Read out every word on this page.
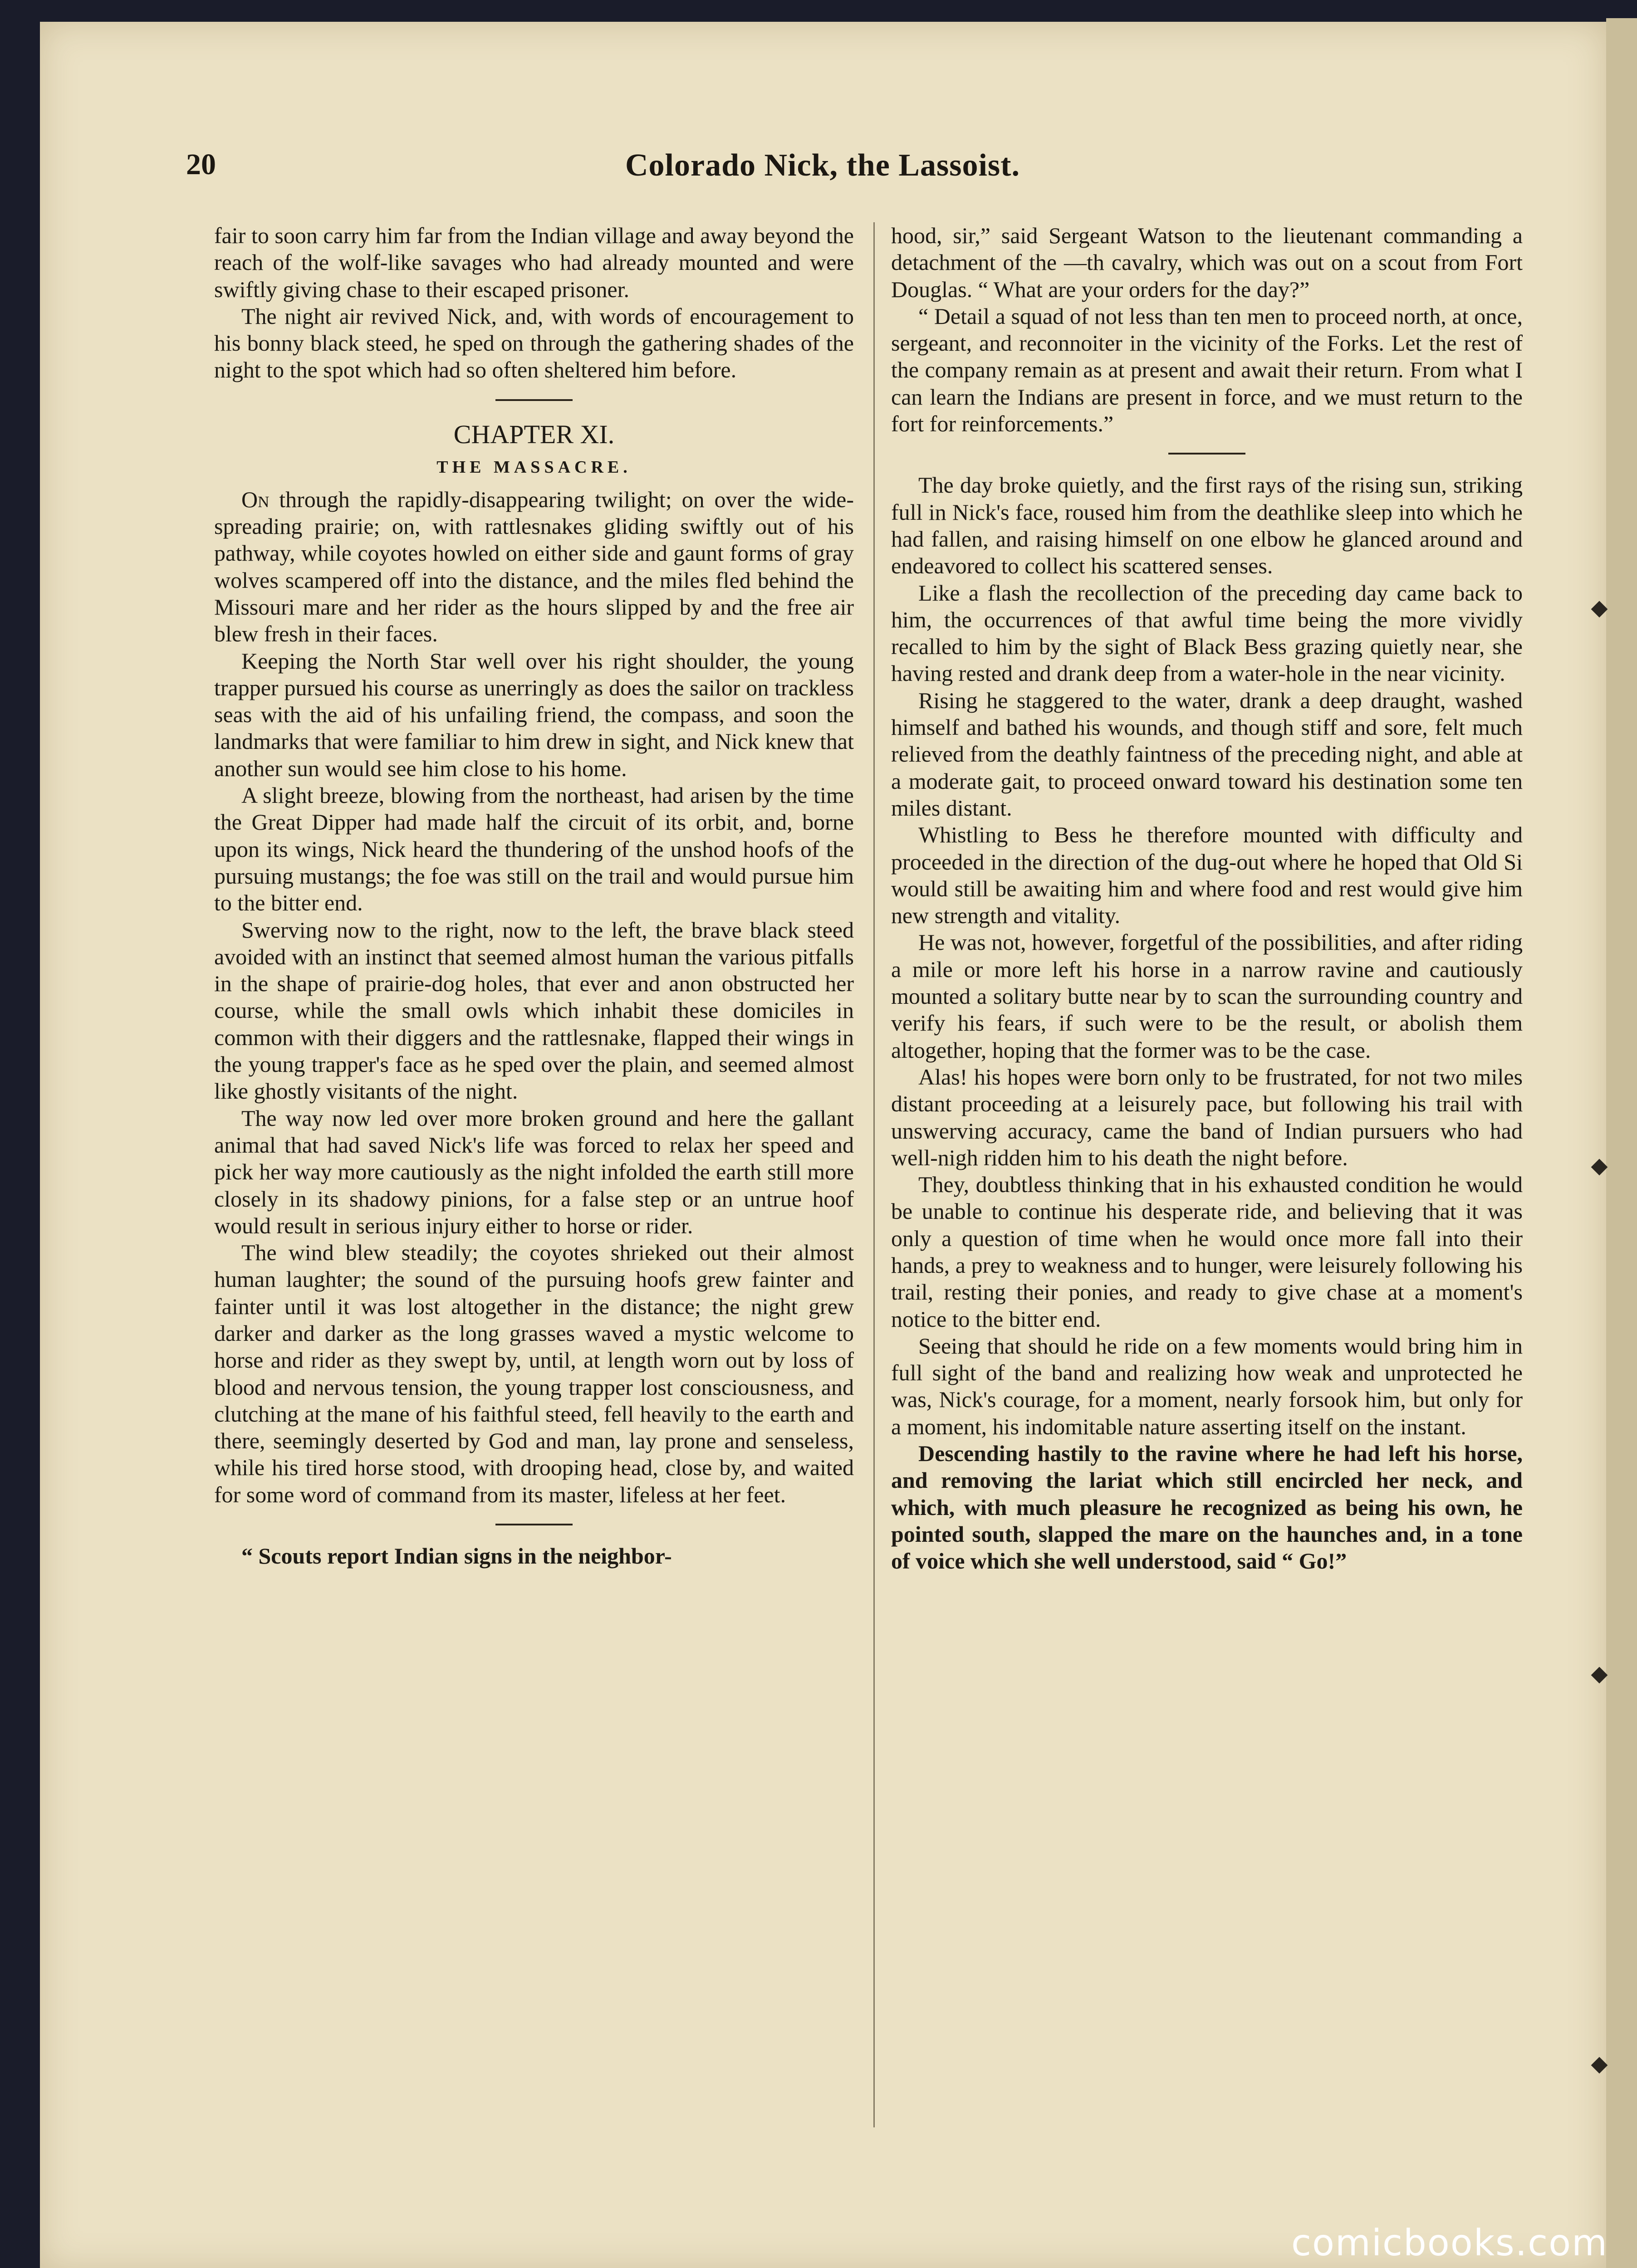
20	Colorado Nick, the Lassoist.

fair to soon carry him far from the Indian village and away beyond the reach of the wolf-like savages who had already mounted and were swiftly giving chase to their escaped prisoner.

The night air revived Nick, and, with words of encouragement to his bonny black steed, he sped on through the gathering shades of the night to the spot which had so often sheltered him before.

CHAPTER XI.
THE MASSACRE.

On through the rapidly-disappearing twilight; on over the wide-spreading prairie; on, with rattlesnakes gliding swiftly out of his pathway, while coyotes howled on either side and gaunt forms of gray wolves scampered off into the distance, and the miles fled behind the Missouri mare and her rider as the hours slipped by and the free air blew fresh in their faces.

Keeping the North Star well over his right shoulder, the young trapper pursued his course as unerringly as does the sailor on trackless seas with the aid of his unfailing friend, the compass, and soon the landmarks that were familiar to him drew in sight, and Nick knew that another sun would see him close to his home.

A slight breeze, blowing from the northeast, had arisen by the time the Great Dipper had made half the circuit of its orbit, and, borne upon its wings, Nick heard the thundering of the unshod hoofs of the pursuing mustangs; the foe was still on the trail and would pursue him to the bitter end.

Swerving now to the right, now to the left, the brave black steed avoided with an instinct that seemed almost human the various pitfalls in the shape of prairie-dog holes, that ever and anon obstructed her course, while the small owls which inhabit these domiciles in common with their diggers and the rattlesnake, flapped their wings in the young trapper's face as he sped over the plain, and seemed almost like ghostly visitants of the night.

The way now led over more broken ground and here the gallant animal that had saved Nick's life was forced to relax her speed and pick her way more cautiously as the night infolded the earth still more closely in its shadowy pinions, for a false step or an untrue hoof would result in serious injury either to horse or rider.

The wind blew steadily; the coyotes shrieked out their almost human laughter; the sound of the pursuing hoofs grew fainter and fainter until it was lost altogether in the distance; the night grew darker and darker as the long grasses waved a mystic welcome to horse and rider as they swept by, until, at length worn out by loss of blood and nervous tension, the young trapper lost consciousness, and clutching at the mane of his faithful steed, fell heavily to the earth and there, seemingly deserted by God and man, lay prone and senseless, while his tired horse stood, with drooping head, close by, and waited for some word of command from its master, lifeless at her feet.

“ Scouts report Indian signs in the neighbor-

hood, sir,” said Sergeant Watson to the lieutenant commanding a detachment of the —th cavalry, which was out on a scout from Fort Douglas. “ What are your orders for the day?”

“ Detail a squad of not less than ten men to proceed north, at once, sergeant, and reconnoiter in the vicinity of the Forks. Let the rest of the company remain as at present and await their return. From what I can learn the Indians are present in force, and we must return to the fort for reinforcements.”

The day broke quietly, and the first rays of the rising sun, striking full in Nick's face, roused him from the deathlike sleep into which he had fallen, and raising himself on one elbow he glanced around and endeavored to collect his scattered senses.

Like a flash the recollection of the preceding day came back to him, the occurrences of that awful time being the more vividly recalled to him by the sight of Black Bess grazing quietly near, she having rested and drank deep from a water-hole in the near vicinity.

Rising he staggered to the water, drank a deep draught, washed himself and bathed his wounds, and though stiff and sore, felt much relieved from the deathly faintness of the preceding night, and able at a moderate gait, to proceed onward toward his destination some ten miles distant.

Whistling to Bess he therefore mounted with difficulty and proceeded in the direction of the dug-out where he hoped that Old Si would still be awaiting him and where food and rest would give him new strength and vitality.

He was not, however, forgetful of the possibilities, and after riding a mile or more left his horse in a narrow ravine and cautiously mounted a solitary butte near by to scan the surrounding country and verify his fears, if such were to be the result, or abolish them altogether, hoping that the former was to be the case.

Alas! his hopes were born only to be frustrated, for not two miles distant proceeding at a leisurely pace, but following his trail with unswerving accuracy, came the band of Indian pursuers who had well-nigh ridden him to his death the night before.

They, doubtless thinking that in his exhausted condition he would be unable to continue his desperate ride, and believing that it was only a question of time when he would once more fall into their hands, a prey to weakness and to hunger, were leisurely following his trail, resting their ponies, and ready to give chase at a moment's notice to the bitter end.

Seeing that should he ride on a few moments would bring him in full sight of the band and realizing how weak and unprotected he was, Nick's courage, for a moment, nearly forsook him, but only for a moment, his indomitable nature asserting itself on the instant.

Descending hastily to the ravine where he had left his horse, and removing the lariat which still encircled her neck, and which, with much pleasure he recognized as being his own, he pointed south, slapped the mare on the haunches and, in a tone of voice which she well understood, said “ Go!”

comicbooks.com
